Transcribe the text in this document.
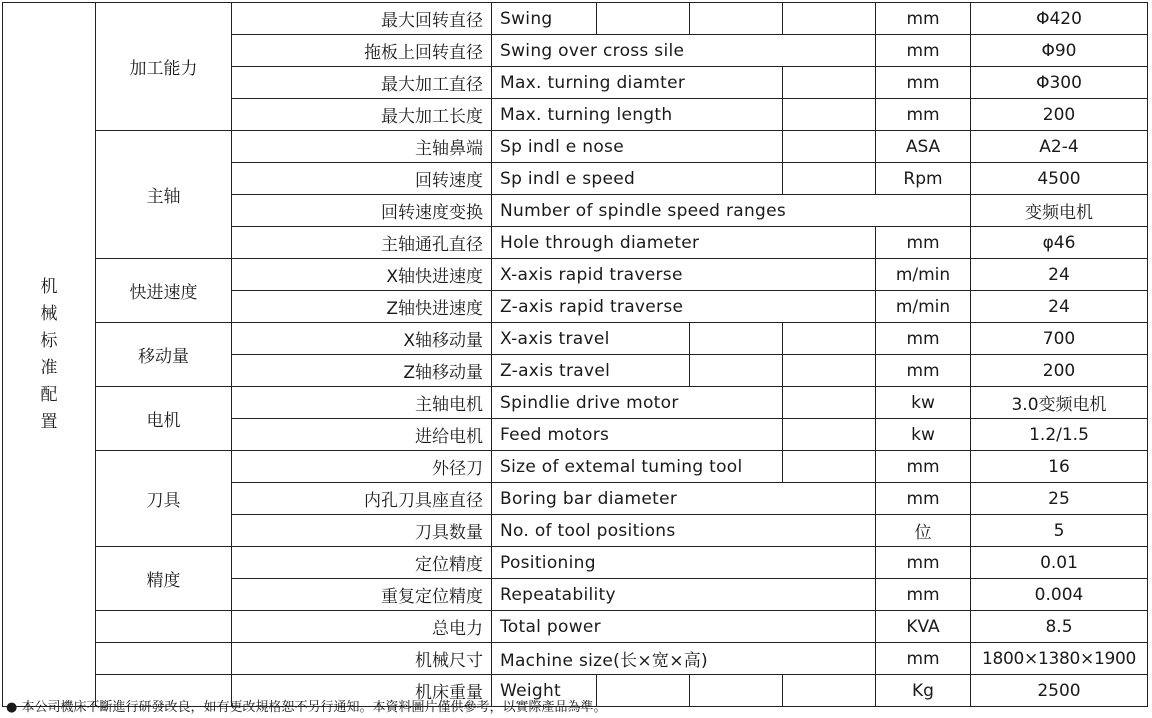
机械标准配置	加工能力	最大回转直径	Swing				mm	Φ420
		拖板上回转直径	Swing over cross sile				mm	Φ90
		最大加工直径	Max. turning diamter				mm	Φ300
		最大加工长度	Max. turning length				mm	200
	主轴	主轴鼻端	Sp indl e nose				ASA	A2-4
		回转速度	Sp indl e speed				Rpm	4500
		回转速度变换	Number of spindle speed ranges					变频电机
		主轴通孔直径	Hole through diameter				mm	φ46
	快进速度	X轴快进速度	X-axis rapid traverse				m/min	24
		Z轴快进速度	Z-axis rapid traverse				m/min	24
	移动量	X轴移动量	X-axis travel				mm	700
		Z轴移动量	Z-axis travel				mm	200
	电机	主轴电机	Spindlie drive motor				kw	3.0变频电机
		进给电机	Feed motors				kw	1.2/1.5
	刀具	外径刀	Size of extemal tuming tool				mm	16
		内孔刀具座直径	Boring bar diameter				mm	25
		刀具数量	No. of tool positions				位	5
	精度	定位精度	Positioning				mm	0.01
		重复定位精度	Repeatability				mm	0.004
		总电力	Total power				KVA	8.5
		机械尺寸	Machine size(长×宽×高)				mm	1800×1380×1900
		机床重量	Weight				Kg	2500
● 本公司機床不斷進行研發改良，如有更改規格恕不另行通知。本資料圖片僅供參考，以實際產品為準。
